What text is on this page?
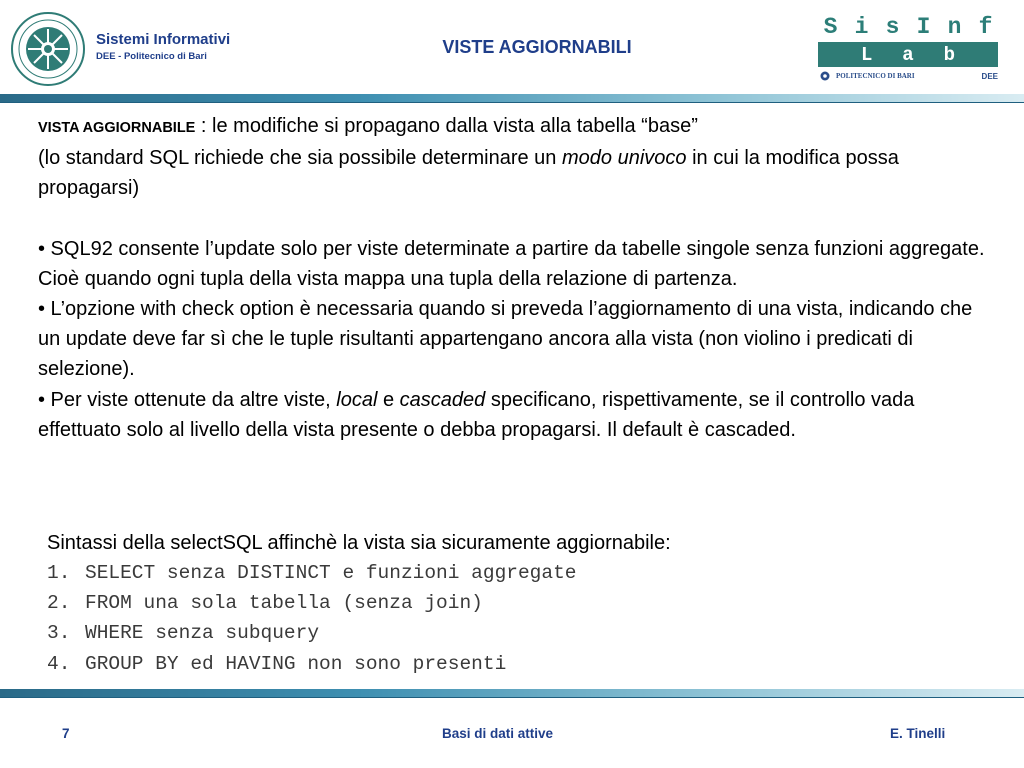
Sistemi Informativi
DEE - Politecnico di Bari	VISTE AGGIORNABILI
S i s I n f
L a b
POLITECNICO DI BARI	DEE

VISTA AGGIORNABILE : le modifiche si propagano dalla vista alla tabella “base”
(lo standard SQL richiede che sia possibile determinare un modo univoco in cui la modifica possa propagarsi)

• SQL92 consente l’update solo per viste determinate a partire da tabelle singole senza funzioni aggregate. Cioè quando ogni tupla della vista mappa una tupla della relazione di partenza.

• L’opzione with check option è necessaria quando si preveda l’aggiornamento di una vista, indicando che un update deve far sì che le tuple risultanti appartengano ancora alla vista (non violino i predicati di selezione).

• Per viste ottenute da altre viste, local e cascaded specificano, rispettivamente, se il controllo vada effettuato solo al livello della vista presente o debba propagarsi. Il default è cascaded.

Sintassi della selectSQL affinchè la vista sia sicuramente aggiornabile:
1. SELECT senza DISTINCT e funzioni aggregate
2. FROM una sola tabella (senza join)
3. WHERE senza subquery
4. GROUP BY ed HAVING non sono presenti
7	Basi di dati attive	E. Tinelli
